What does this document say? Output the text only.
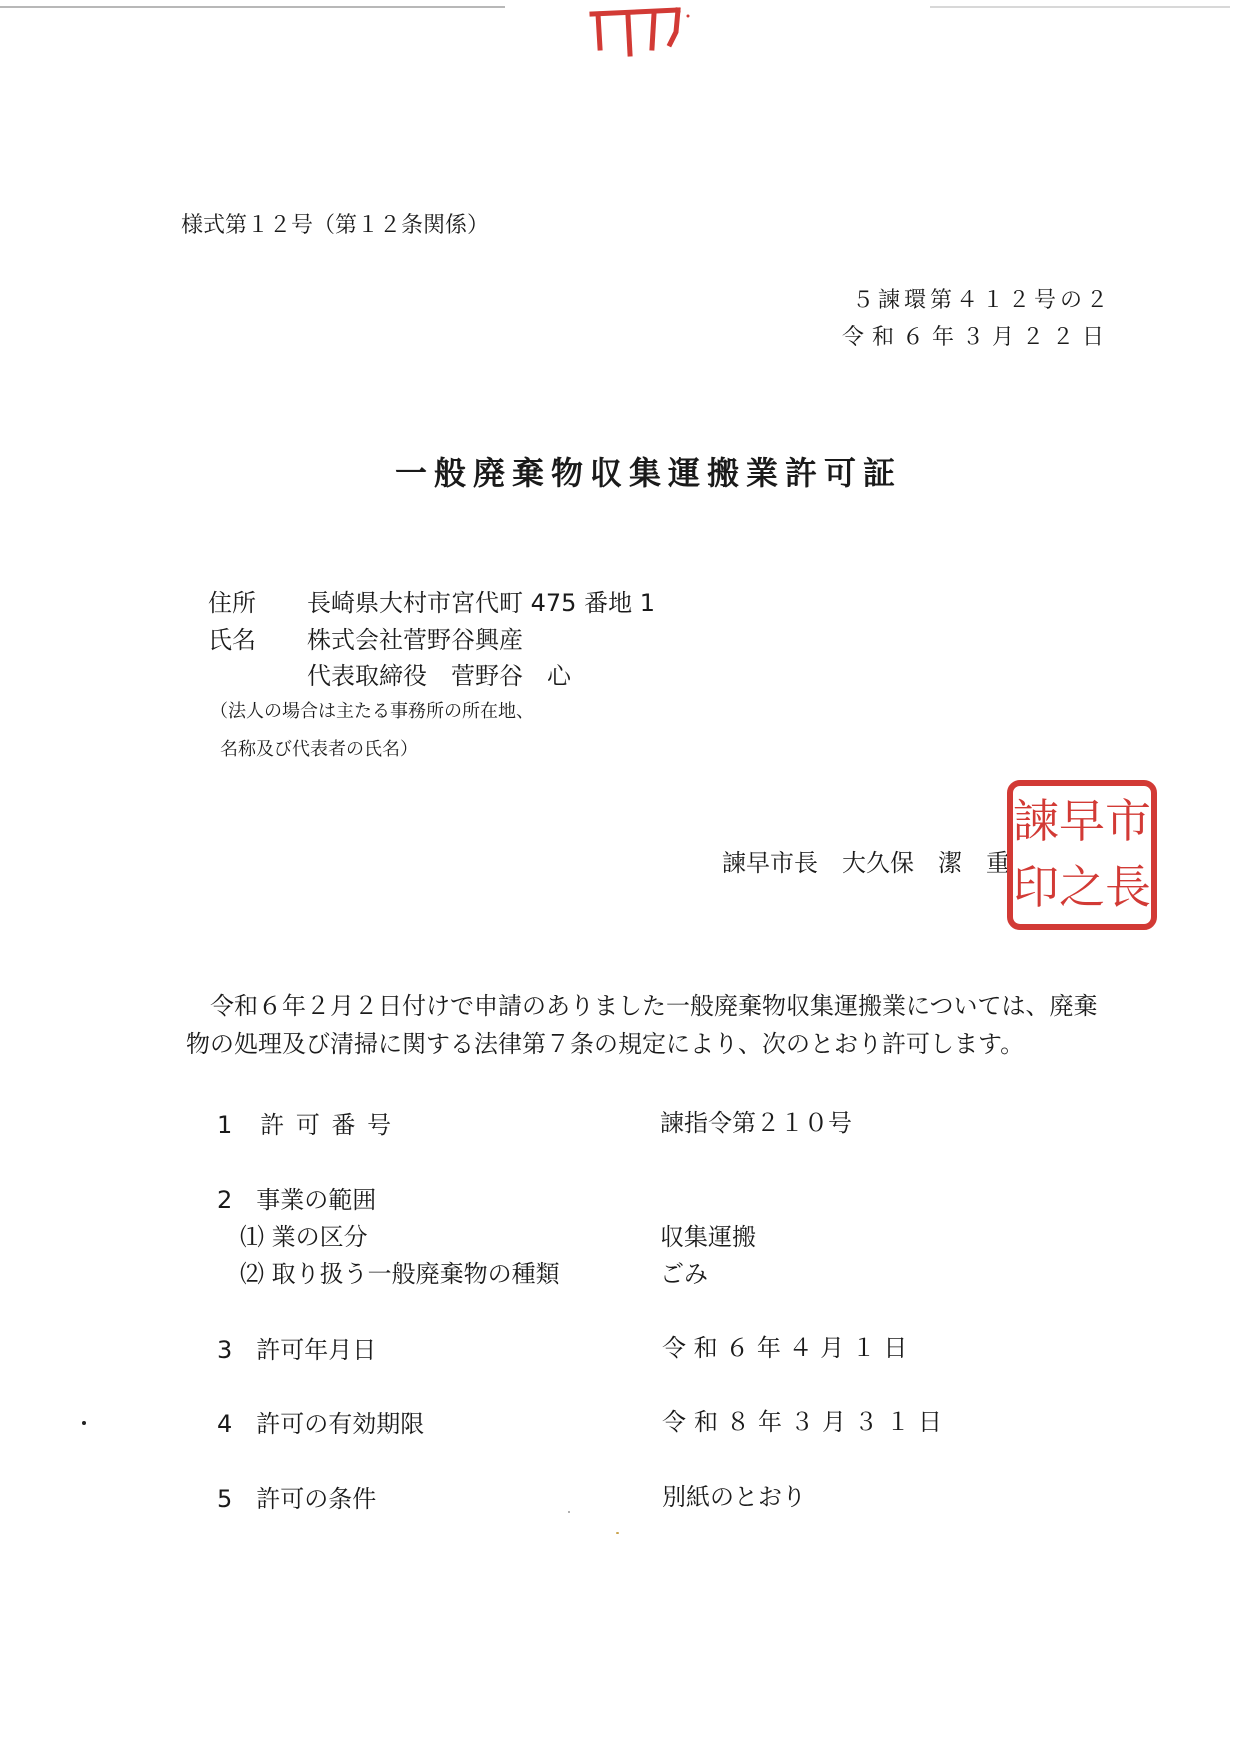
様式第１２号（第１２条関係）
５諫環第４１２号の２
令和６年３月２２日
一般廃棄物収集運搬業許可証
住所 長崎県大村市宮代町 475 番地 1
氏名 株式会社菅野谷興産
代表取締役　菅野谷　心
（法人の場合は主たる事務所の所在地、
名称及び代表者の氏名）
諫早市長　大久保　潔　重
市
長
早
之
諫
印
令和６年２月２日付けで申請のありました一般廃棄物収集運搬業については、廃棄物の処理及び清掃に関する法律第７条の規定により、次のとおり許可します。
1　許 可 番 号	諫指令第２１０号
2　事業の範囲
⑴ 業の区分	収集運搬
⑵ 取り扱う一般廃棄物の種類	ごみ
3　許可年月日	令 和 ６ 年 ４ 月 １ 日
4　許可の有効期限	令和８年３月３１日
5　許可の条件	別紙のとおり
